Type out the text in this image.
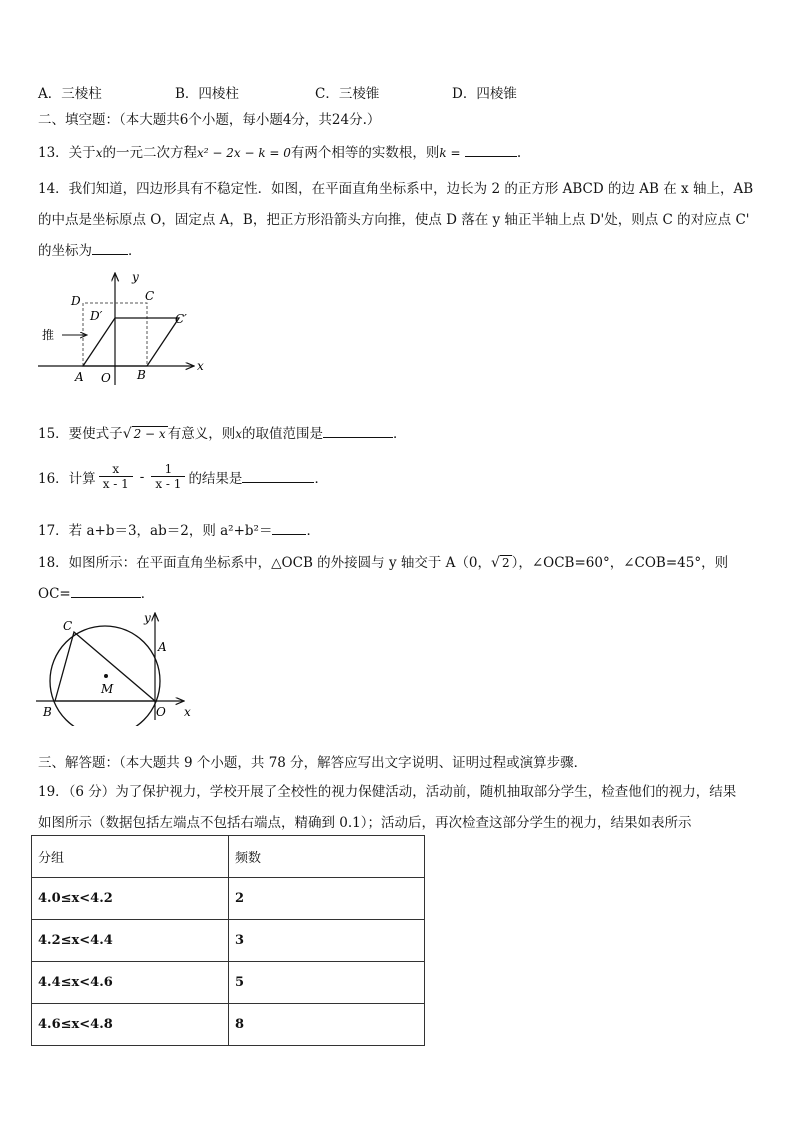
A．三棱柱	B．四棱柱	C．三棱锥	D．四棱锥
二、填空题：（本大题共6个小题，每小题4分，共24分.）
13．关于x的一元二次方程x² − 2x − k = 0有两个相等的实数根，则k =	.
14．我们知道，四边形具有不稳定性．如图，在平面直角坐标系中，边长为 2 的正方形 ABCD 的边 AB 在 x 轴上，AB
的中点是坐标原点 O，固定点 A，B，把正方形沿箭头方向推，使点 D 落在 y 轴正半轴上点 D'处，则点 C 的对应点 C'
的坐标为	．
y
x
D	C
D′	C′
推
A O B
15．要使式子√ 2 − x 有意义，则x的取值范围是	．
16．计算 $\frac{x}{x - 1} - \frac{1}{x - 1}$ 的结果是	．
17．若 a+b＝3，ab＝2，则 a²+b²＝	．
18．如图所示：在平面直角坐标系中，△OCB 的外接圆与 y 轴交于 A（0，√ 2 ），∠OCB=60°，∠COB=45°，则
OC=	．
C
y
A
M
B	O x
三、解答题：（本大题共 9 个小题，共 78 分，解答应写出文字说明、证明过程或演算步骤．
19．（6 分）为了保护视力，学校开展了全校性的视力保健活动，活动前，随机抽取部分学生，检查他们的视力，结果
如图所示（数据包括左端点不包括右端点，精确到 0.1）；活动后，再次检查这部分学生的视力，结果如表所示
分组	频数
4.0≤x<4.2	2
4.2≤x<4.4	3
4.4≤x<4.6	5
4.6≤x<4.8	8
